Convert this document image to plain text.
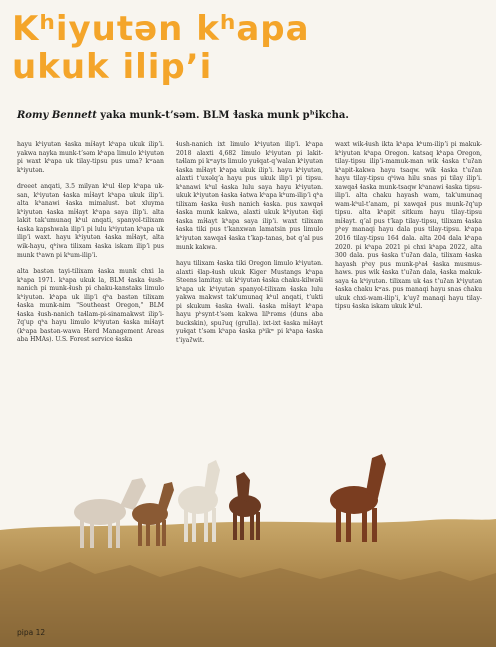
Kʰiyutən kʰapa
ukuk ilipʼi
Romy Bennett yaka munk-tʼsəm. BLM ɬaska munk pʰikcha.

hayu kʰiyutən ɬaska mi̓ɬayt kʰapa ukuk ilipʼi. yakwa nayka munk-tʼsəm kʰapa limulo kʰiyutən pi waxt kʰapa uk tilay-tipsu pus uma? kʷaan kʰiyutən.

dreeet anqati, 3.5 milyan kʰul ɬlep kʰapa uk-san, kʰiyutən ɬaska mi̓ɬayt kʰapa ukuk ilipʼi. alta kʰanawi ɬaska mimalust. bət xluyma kʰiyutən ɬaska mi̓ɬayt kʰapa saya ilipʼi. alta lakit tak'umunaq kʰul anqati, spanyol-tilixam ɬaska kapshwala ilipʼi pi lulu kʰiyutən kʰapa uk ilipʼi waxt. hayu kʰiyutən ɬaska mi̓ɬayt, alta wik-hayu, qʰiwa tilixam ɬaska iskam ilipʼi pus munk tʰawn pi kʰum-ilipʼi.

alta bastən tayi-tilixam ɬaska munk chxi la kʰapa 1971. kʰapa ukuk la, BLM ɬaska ɬush-nanich pi munk-ɬush pi chaku-kanstaks limulo kʰiyutən. kʰapa uk ilipʼi qʰa bastən tilixam ɬaska munk-nim "Southeast Oregon," BLM ɬaska ɬush-nanich taɬlam-pi-sinamakwst ilipʼi-ʔq'up qʰa hayu limulo kʰiyutən ɬaska mi̓ɬayt (kʰapa bastən-wawa Herd Management Areas aba HMAs). U.S. Forest service ɬaska

ɬush-nanich ixt limulo kʰiyutən ilipʼi. kʰapa 2018 alaxti 4,682 limulo kʰiyutən pi lakit-taɬlam pi kʷayts limulo yuɬqat-qʼwalan kʰiyutən ɬaska mi̓ɬayt kʰapa ukuk ilipʼi. hayu kʰiyutən, alaxti tʼuxəlqʼa hayu pus ukuk ilipʼi pi tipsu. kʰanawi kʰul ɬaska lulu saya hayu kʰiyutən. ukuk kʰiyutən ɬaska ɬatwa kʰapa kʰum-ilipʼi qʰa tilixam ɬaska ɬush nanich ɬaska. pus xawqaɬ ɬaska munk kakwa, alaxti ukuk kʰiyutən ɬiqi ɬaska mi̓ɬayt kʰapa saya ilipʼi. waxt tilixam ɬaska tiki pus tʼkanxwan lamatsin pus limulo kʰiyutən xawqaɬ ɬaska tʼkap-tanas, bət qʼal pus munk kakwa.

hayu tilixam ɬaska tiki Oregon limulo kʰiyutən. alaxti ɬlap-ɬush ukuk Kiger Mustangs kʰapa Steens lamitay. uk kʰiyutən ɬaska chaku-kilwaɬi kʰapa uk kʰiyutən spanyol-tilixam ɬaska lulu yakwa makwst tak'umunaq kʰul anqati, tʼukti pi skukum ɬaska ɬwali. ɬaska mi̓ɬayt kʰapa hayu pʰsynt-tʼsəm kakwa lilʰrəms (duns aba buckskin), spuʔuq (grulla). ixt-ixt ɬaska mi̓ɬayt yuɬqat tʼsəm kʰapa ɬaska pʰikʷ pi kʰapa ɬaska tʼiyaʔwit.

waxt wik-ɬush ikta kʰapa kʰum-ilipʼi pi makuk-kʰiyutən kʰapa Oregon. katsaq kʰapa Oregon, tilay-tipsu ilipʼi-mamuk-man wik ɬaska tʼuʔan kʰapit-kakwa hayu tsaqw. wik ɬaska tʼuʔan hayu tilay-tipsu qʰiwa hilu snas pi tilay ilipʼi. xawqaɬ ɬaska munk-tsaqw kʰanawi ɬaska tipsu-ilipʼi. alta chaku hayash wam, tak'umunaq wam-kʰul-tʼanam, pi xawqaɬ pus munk-ʔq'up tipsu. alta kʰapit sitkum hayu tilay-tipsu mi̓ɬayt. qʼal pus tʼkap tilay-tipsu, tilixam ɬaska pʰey manaqi hayu dala pus tilay-tipsu. kʰapa 2016 tilay-tipsu 164 dala. alta 204 dala kʰapa 2020. pi kʰapa 2021 pi chxi kʰapa 2022, alta 300 dala. pus ɬaska tʼuʔan dala, tilixam ɬaska hayash pʰey pus munk-pʰaɬ ɬaska musmus-haws. pus wik ɬaska tʼuʔan dala, ɬaska makuk-saya ɬa kʰiyutən. tilixam uk ɬas tʼuʔan kʰiyutən ɬaska chaku kʷas. pus manaqi hayu snas chaku ukuk chxi-wam-ilipʼi, kʼuyʔ manaqi hayu tilay-tipsu ɬaska iskam ukuk kʰul.

pipa 12
